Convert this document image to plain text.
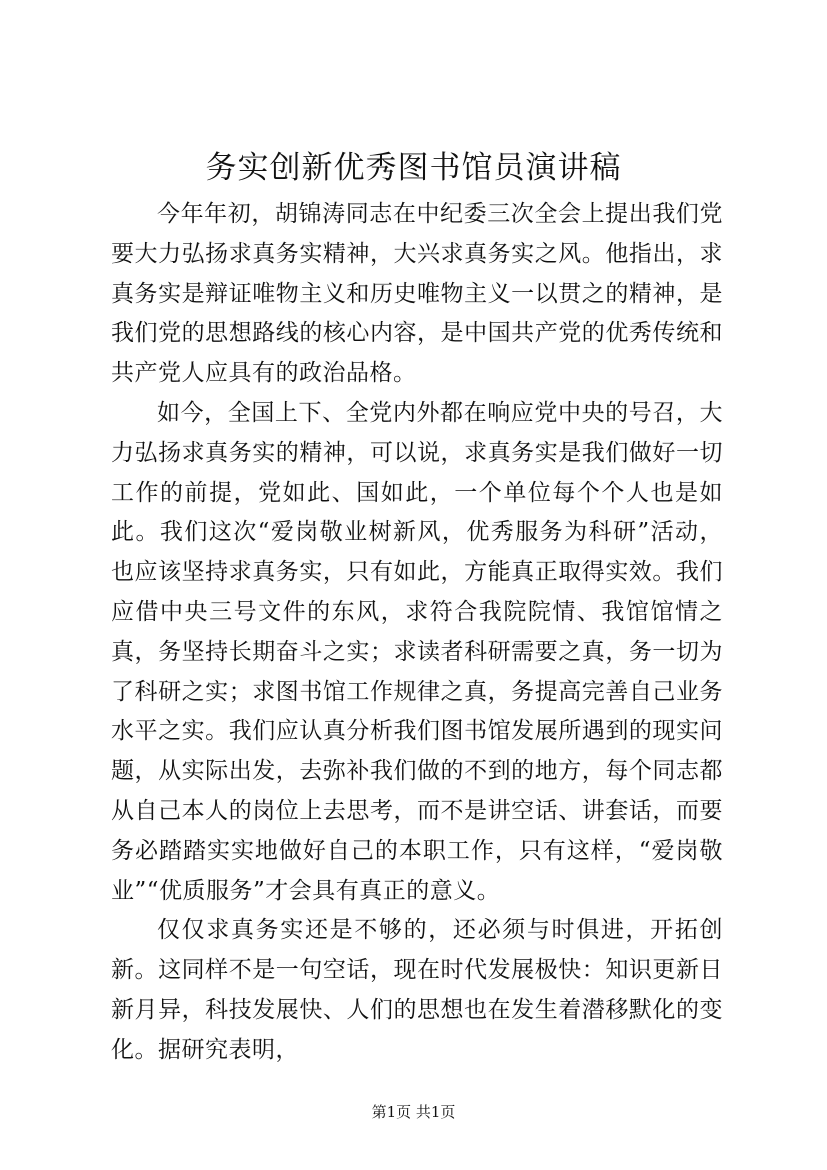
务实创新优秀图书馆员演讲稿

今年年初，胡锦涛同志在中纪委三次全会上提出我们党要大力弘扬求真务实精神，大兴求真务实之风。他指出，求真务实是辩证唯物主义和历史唯物主义一以贯之的精神，是我们党的思想路线的核心内容，是中国共产党的优秀传统和共产党人应具有的政治品格。

如今，全国上下、全党内外都在响应党中央的号召，大力弘扬求真务实的精神，可以说，求真务实是我们做好一切工作的前提，党如此、国如此，一个单位每个个人也是如此。我们这次“爱岗敬业树新风，优秀服务为科研”活动，也应该坚持求真务实，只有如此，方能真正取得实效。我们应借中央三号文件的东风，求符合我院院情、我馆馆情之真，务坚持长期奋斗之实；求读者科研需要之真，务一切为了科研之实；求图书馆工作规律之真，务提高完善自己业务水平之实。我们应认真分析我们图书馆发展所遇到的现实问题，从实际出发，去弥补我们做的不到的地方，每个同志都从自己本人的岗位上去思考，而不是讲空话、讲套话，而要务必踏踏实实地做好自己的本职工作，只有这样，“爱岗敬业”“优质服务”才会具有真正的意义。

仅仅求真务实还是不够的，还必须与时俱进，开拓创新。这同样不是一句空话，现在时代发展极快：知识更新日新月异，科技发展快、人们的思想也在发生着潜移默化的变化。据研究表明，

第1页 共1页
